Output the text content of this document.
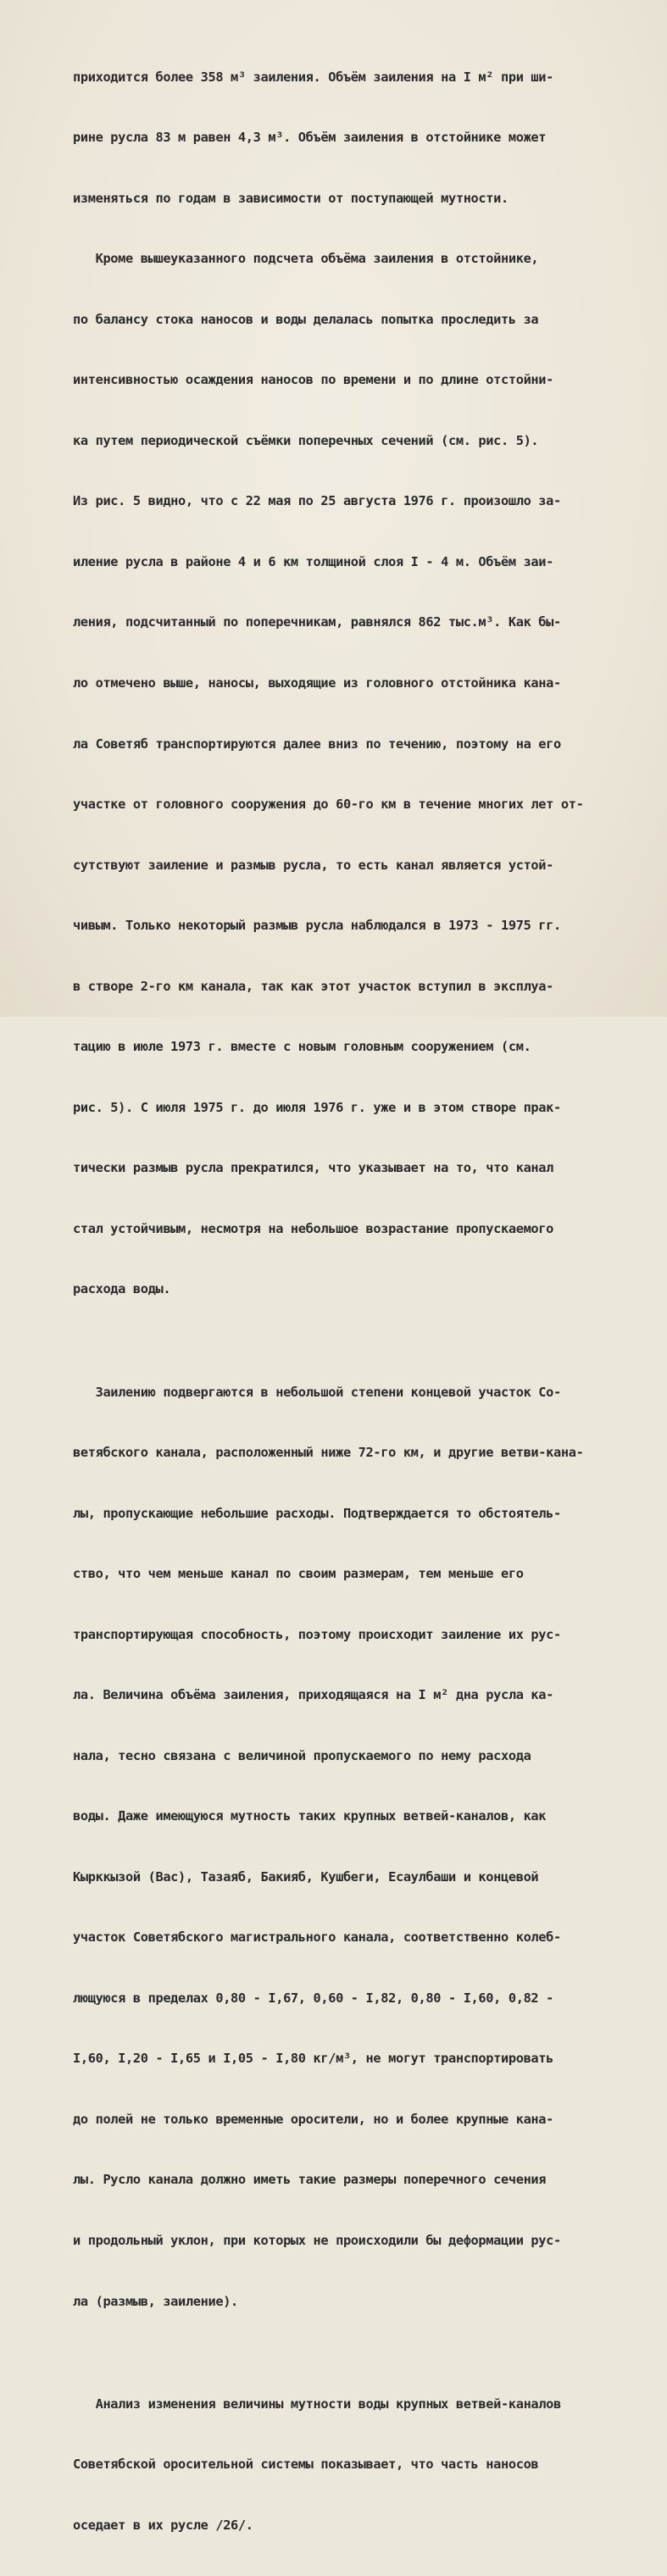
приходится более 358 м³ заиления. Объём заиления на I м² при ши-

рине русла 83 м равен 4,3 м³. Объём заиления в отстойнике может

изменяться по годам в зависимости от поступающей мутности.

Кроме вышеуказанного подсчета объёма заиления в отстойнике,

по балансу стока наносов и воды делалась попытка проследить за

интенсивностью осаждения наносов по времени и по длине отстойни-

ка путем периодической съёмки поперечных сечений (см. рис. 5).

Из рис. 5 видно, что с 22 мая по 25 августа 1976 г. произошло за-

иление русла в районе 4 и 6 км толщиной слоя I - 4 м. Объём заи-

ления, подсчитанный по поперечникам, равнялся 862 тыс.м³. Как бы-

ло отмечено выше, наносы, выходящие из головного отстойника кана-

ла Советяб транспортируются далее вниз по течению, поэтому на его

участке от головного сооружения до 60-го км в течение многих лет от-

сутствуют заиление и размыв русла, то есть канал является устой-

чивым. Только некоторый размыв русла наблюдался в 1973 - 1975 гг.

в створе 2-го км канала, так как этот участок вступил в эксплуа-

тацию в июле 1973 г. вместе с новым головным сооружением (см.

рис. 5). С июля 1975 г. до июля 1976 г. уже и в этом створе прак-

тически размыв русла прекратился, что указывает на то, что канал

стал устойчивым, несмотря на небольшое возрастание пропускаемого

расхода воды.

Заилению подвергаются в небольшой степени концевой участок Со-

ветябского канала, расположенный ниже 72-го км, и другие ветви-кана-

лы, пропускающие небольшие расходы. Подтверждается то обстоятель-

ство, что чем меньше канал по своим размерам, тем меньше его

транспортирующая способность, поэтому происходит заиление их рус-

ла. Величина объёма заиления, приходящаяся на I м² дна русла ка-

нала, тесно связана с величиной пропускаемого по нему расхода

воды. Даже имеющуюся мутность таких крупных ветвей-каналов, как

Кырккызой (Вас), Тазаяб, Бакияб, Кушбеги, Есаулбаши и концевой

участок Советябского магистрального канала, соответственно колеб-

лющуюся в пределах 0,80 - I,67, 0,60 - I,82, 0,80 - I,60, 0,82 -

I,60, I,20 - I,65 и I,05 - I,80 кг/м³, не могут транспортировать

до полей не только временные оросители, но и более крупные кана-

лы. Русло канала должно иметь такие размеры поперечного сечения

и продольный уклон, при которых не происходили бы деформации рус-

ла (размыв, заиление).

Анализ изменения величины мутности воды крупных ветвей-каналов

Советябской оросительной системы показывает, что часть наносов

оседает в их русле /26/.
